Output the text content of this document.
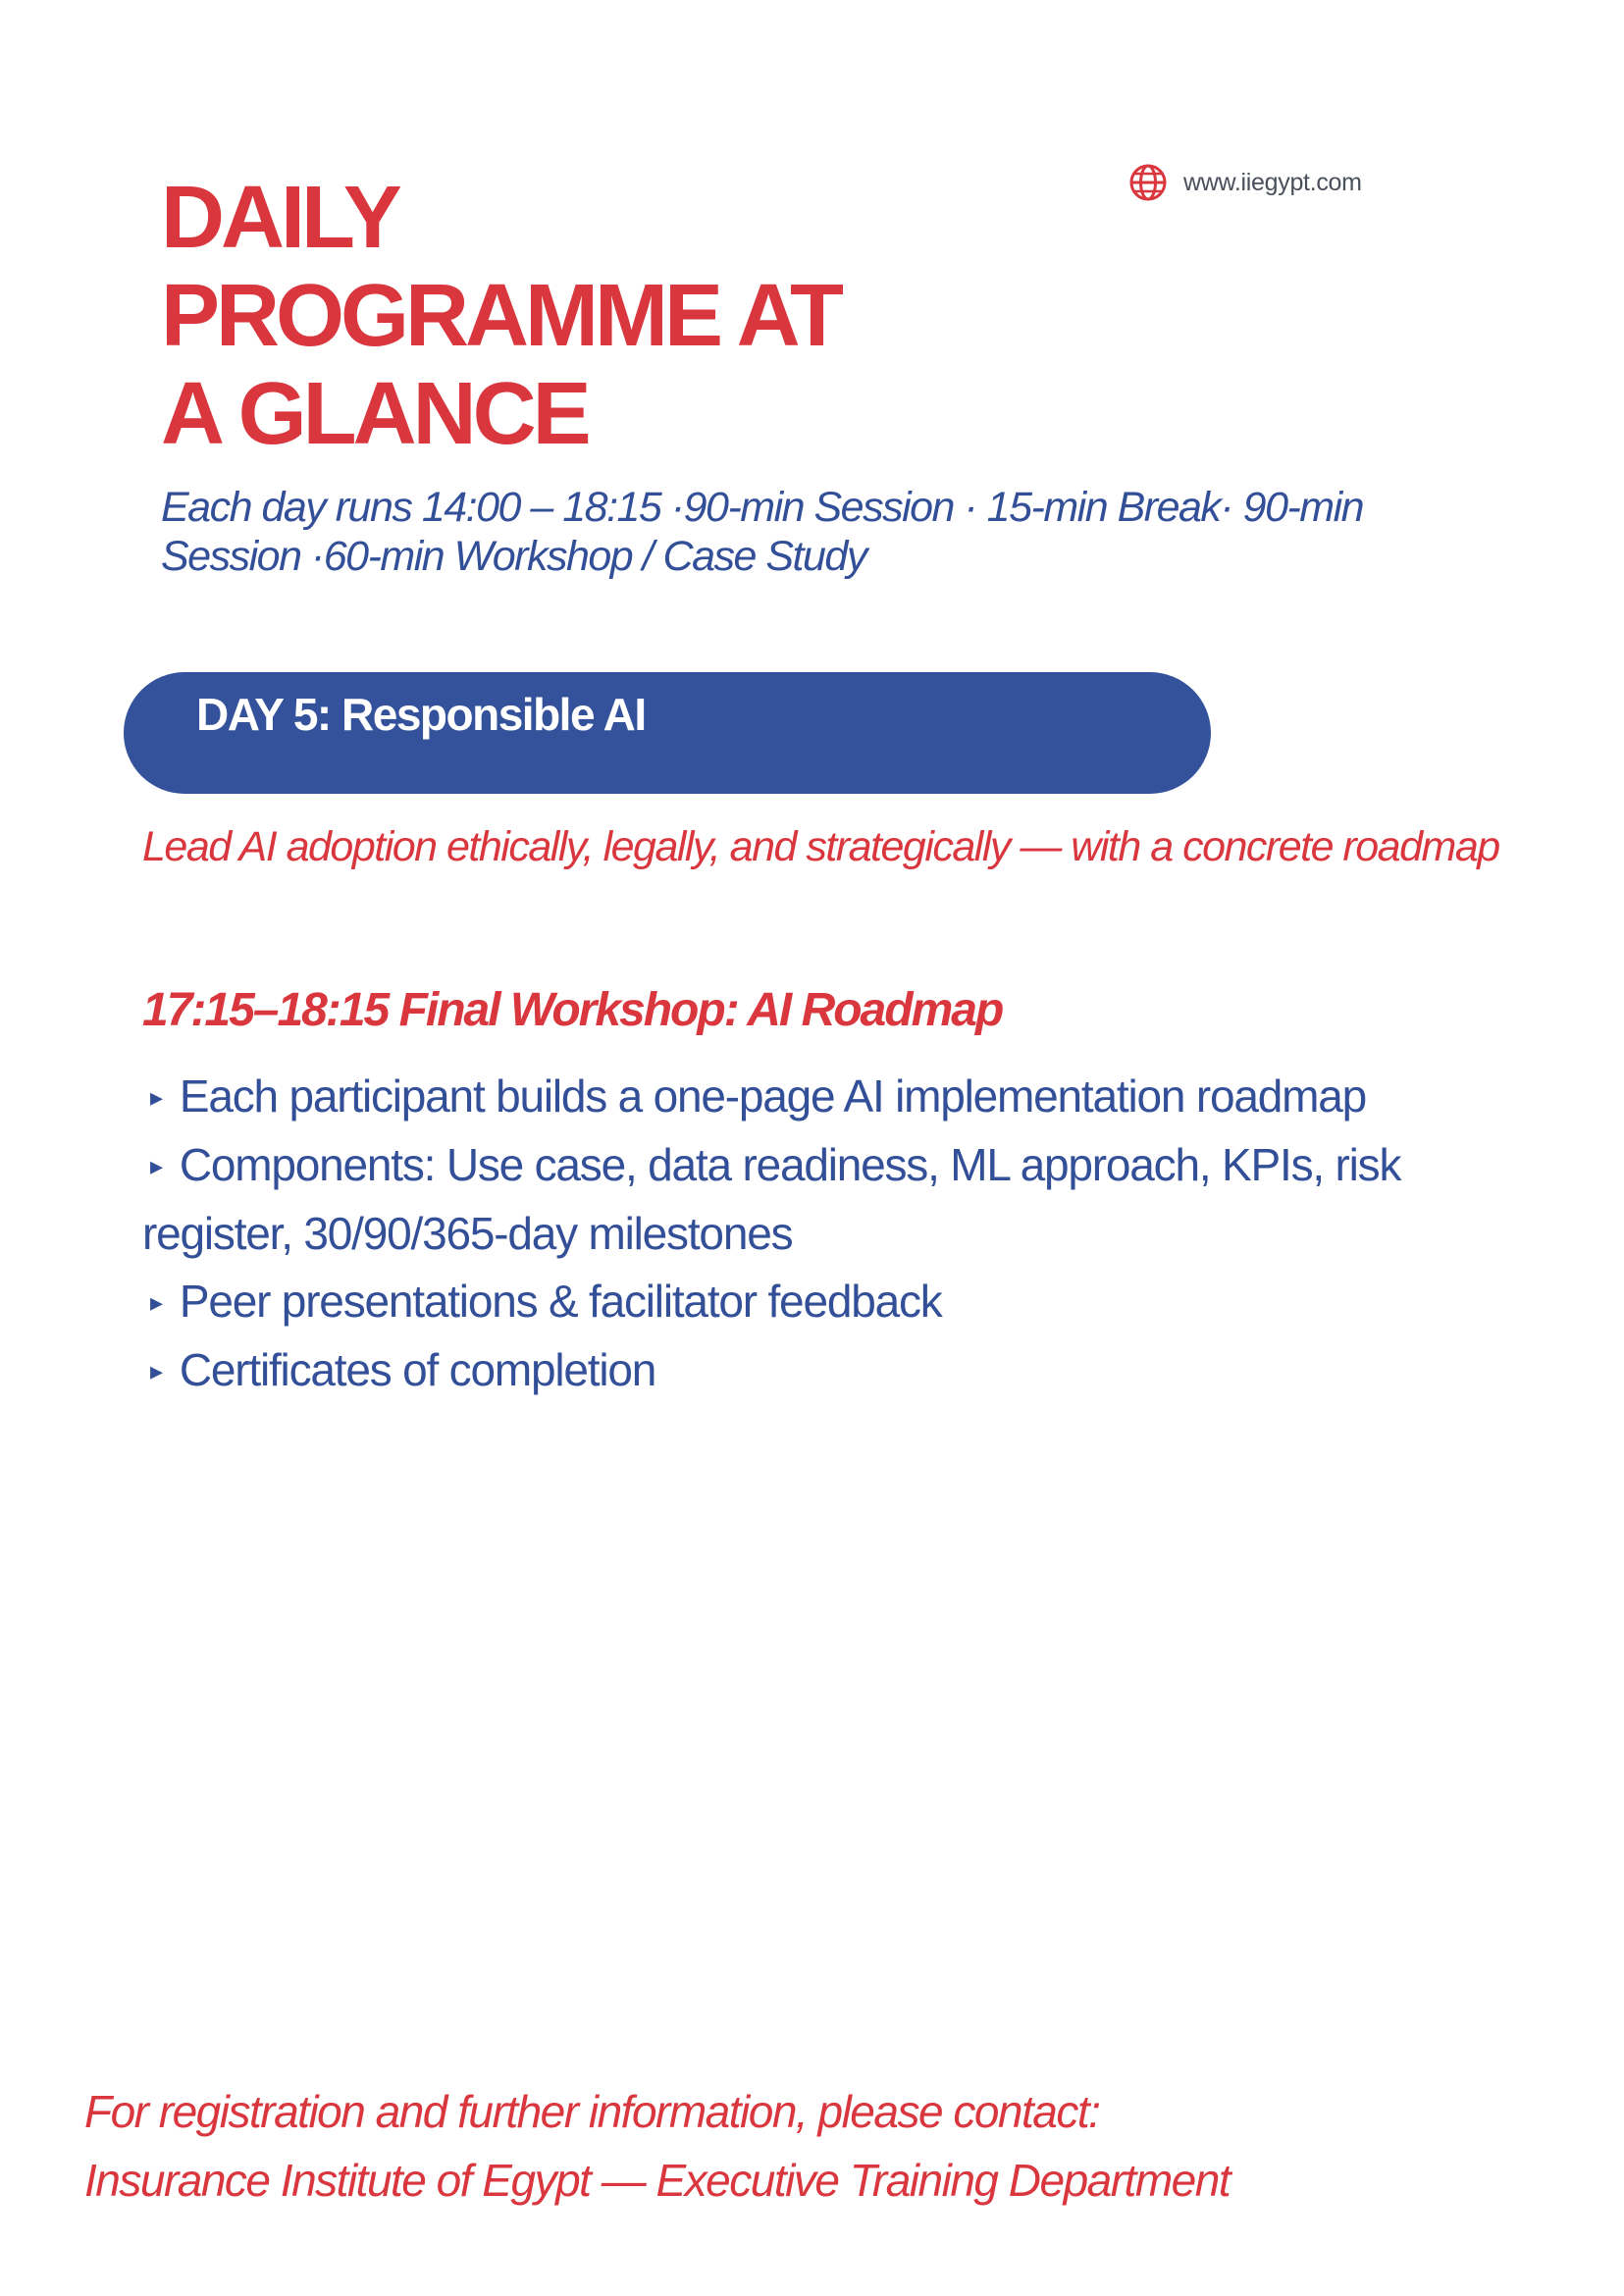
www.iiegypt.com
DAILY
PROGRAMME AT
A GLANCE

Each day runs 14:00 – 18:15 ·90-min Session · 15-min Break· 90-min Session ·60-min Workshop / Case Study

DAY 5: Responsible AI

Lead AI adoption ethically, legally, and strategically — with a concrete roadmap

17:15–18:15 Final Workshop: AI Roadmap
▸ Each participant builds a one-page AI implementation roadmap
▸ Components: Use case, data readiness, ML approach, KPIs, risk register, 30/90/365-day milestones
▸ Peer presentations & facilitator feedback
▸ Certificates of completion
For registration and further information, please contact:
Insurance Institute of Egypt — Executive Training Department
